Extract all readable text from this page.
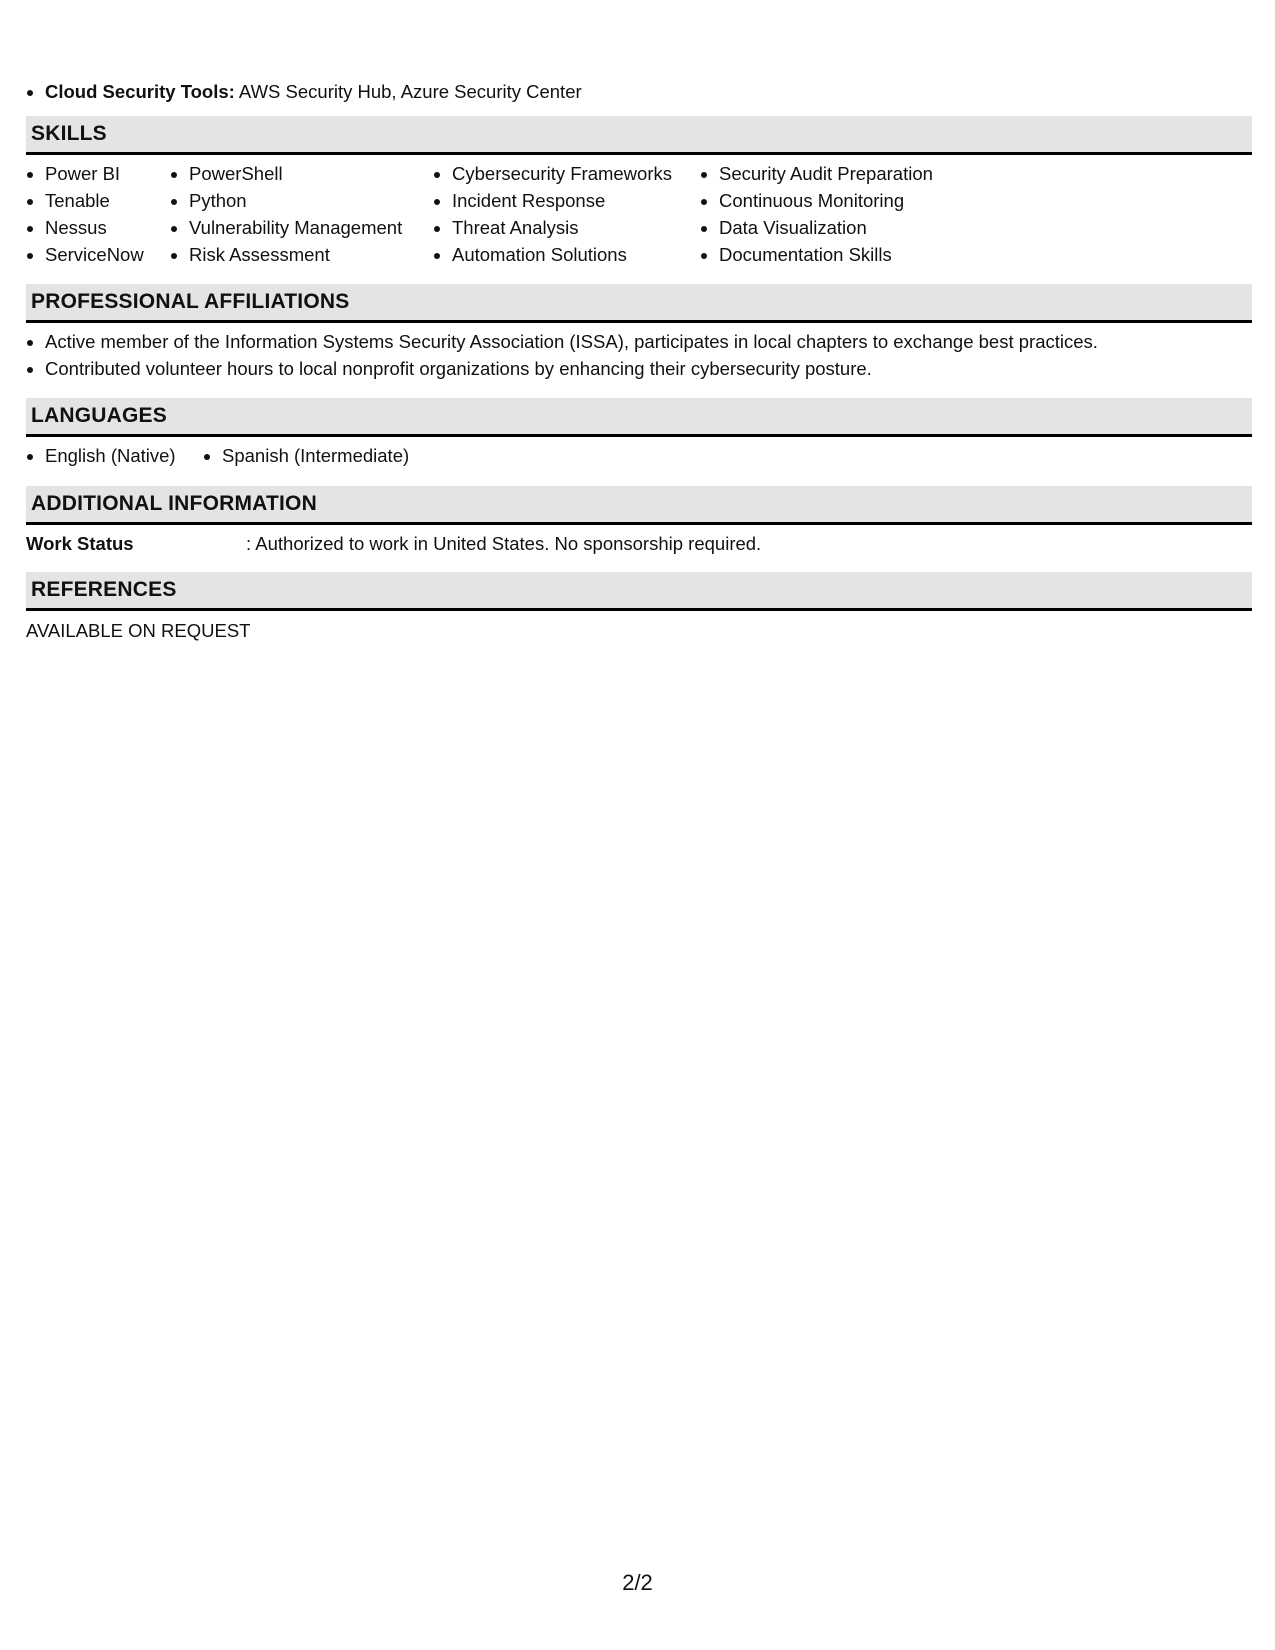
• Cloud Security Tools: AWS Security Hub, Azure Security Center
SKILLS
• Power BI
• Tenable
• Nessus
• ServiceNow
• PowerShell
• Python
• Vulnerability Management
• Risk Assessment
• Cybersecurity Frameworks
• Incident Response
• Threat Analysis
• Automation Solutions
• Security Audit Preparation
• Continuous Monitoring
• Data Visualization
• Documentation Skills
PROFESSIONAL AFFILIATIONS
• Active member of the Information Systems Security Association (ISSA), participates in local chapters to exchange best practices.
• Contributed volunteer hours to local nonprofit organizations by enhancing their cybersecurity posture.
LANGUAGES
• English (Native)
•	Spanish (Intermediate)
ADDITIONAL INFORMATION
Work Status	: Authorized to work in United States. No sponsorship required.
REFERENCES
AVAILABLE ON REQUEST
2/2
